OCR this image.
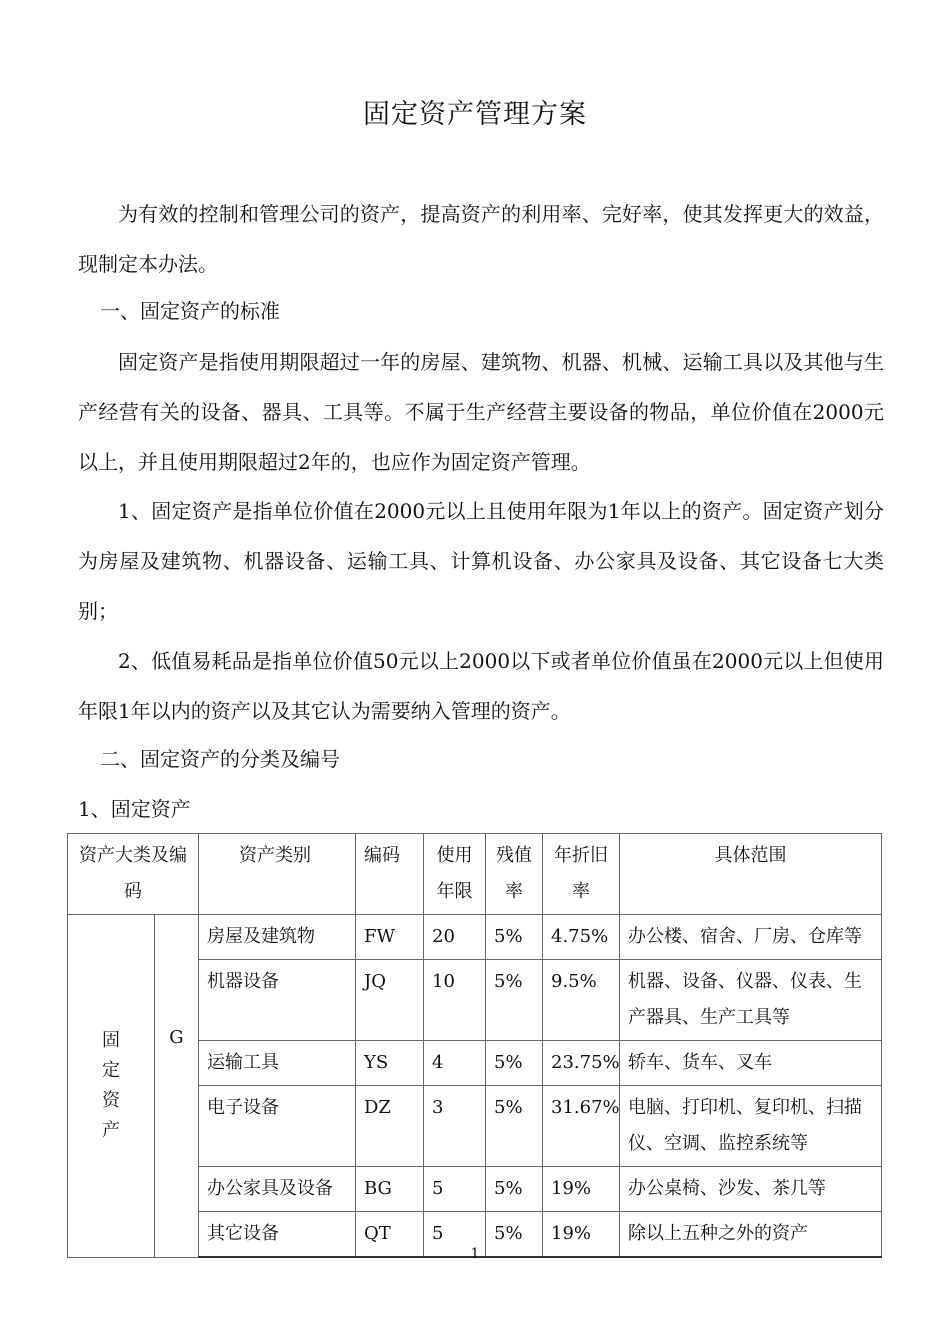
固定资产管理方案
为有效的控制和管理公司的资产，提高资产的利用率、完好率，使其发挥更大的效益，现制定本办法。
一、固定资产的标准
固定资产是指使用期限超过一年的房屋、建筑物、机器、机械、运输工具以及其他与生产经营有关的设备、器具、工具等。不属于生产经营主要设备的物品，单位价值在2000元以上，并且使用期限超过2年的，也应作为固定资产管理。
1、固定资产是指单位价值在2000元以上且使用年限为1年以上的资产。固定资产划分为房屋及建筑物、机器设备、运输工具、计算机设备、办公家具及设备、其它设备七大类别；
2、低值易耗品是指单位价值50元以上2000以下或者单位价值虽在2000元以上但使用年限1年以内的资产以及其它认为需要纳入管理的资产。
二、固定资产的分类及编号
1、固定资产
资产大类及编码		资产类别	编码	使用年限	残值率	年折旧率	具体范围

固
定
资
产	G	房屋及建筑物	FW	20	5%	4.75%	办公楼、宿舍、厂房、仓库等
		机器设备	JQ	10	5%	9.5%	机器、设备、仪器、仪表、生产器具、生产工具等
		运输工具	YS	4	5%	23.75%	轿车、货车、叉车
		电子设备	DZ	3	5%	31.67%	电脑、打印机、复印机、扫描仪、空调、监控系统等
		办公家具及设备	BG	5	5%	19%	办公桌椅、沙发、茶几等
		其它设备	QT	5	5%	19%	除以上五种之外的资产
1
